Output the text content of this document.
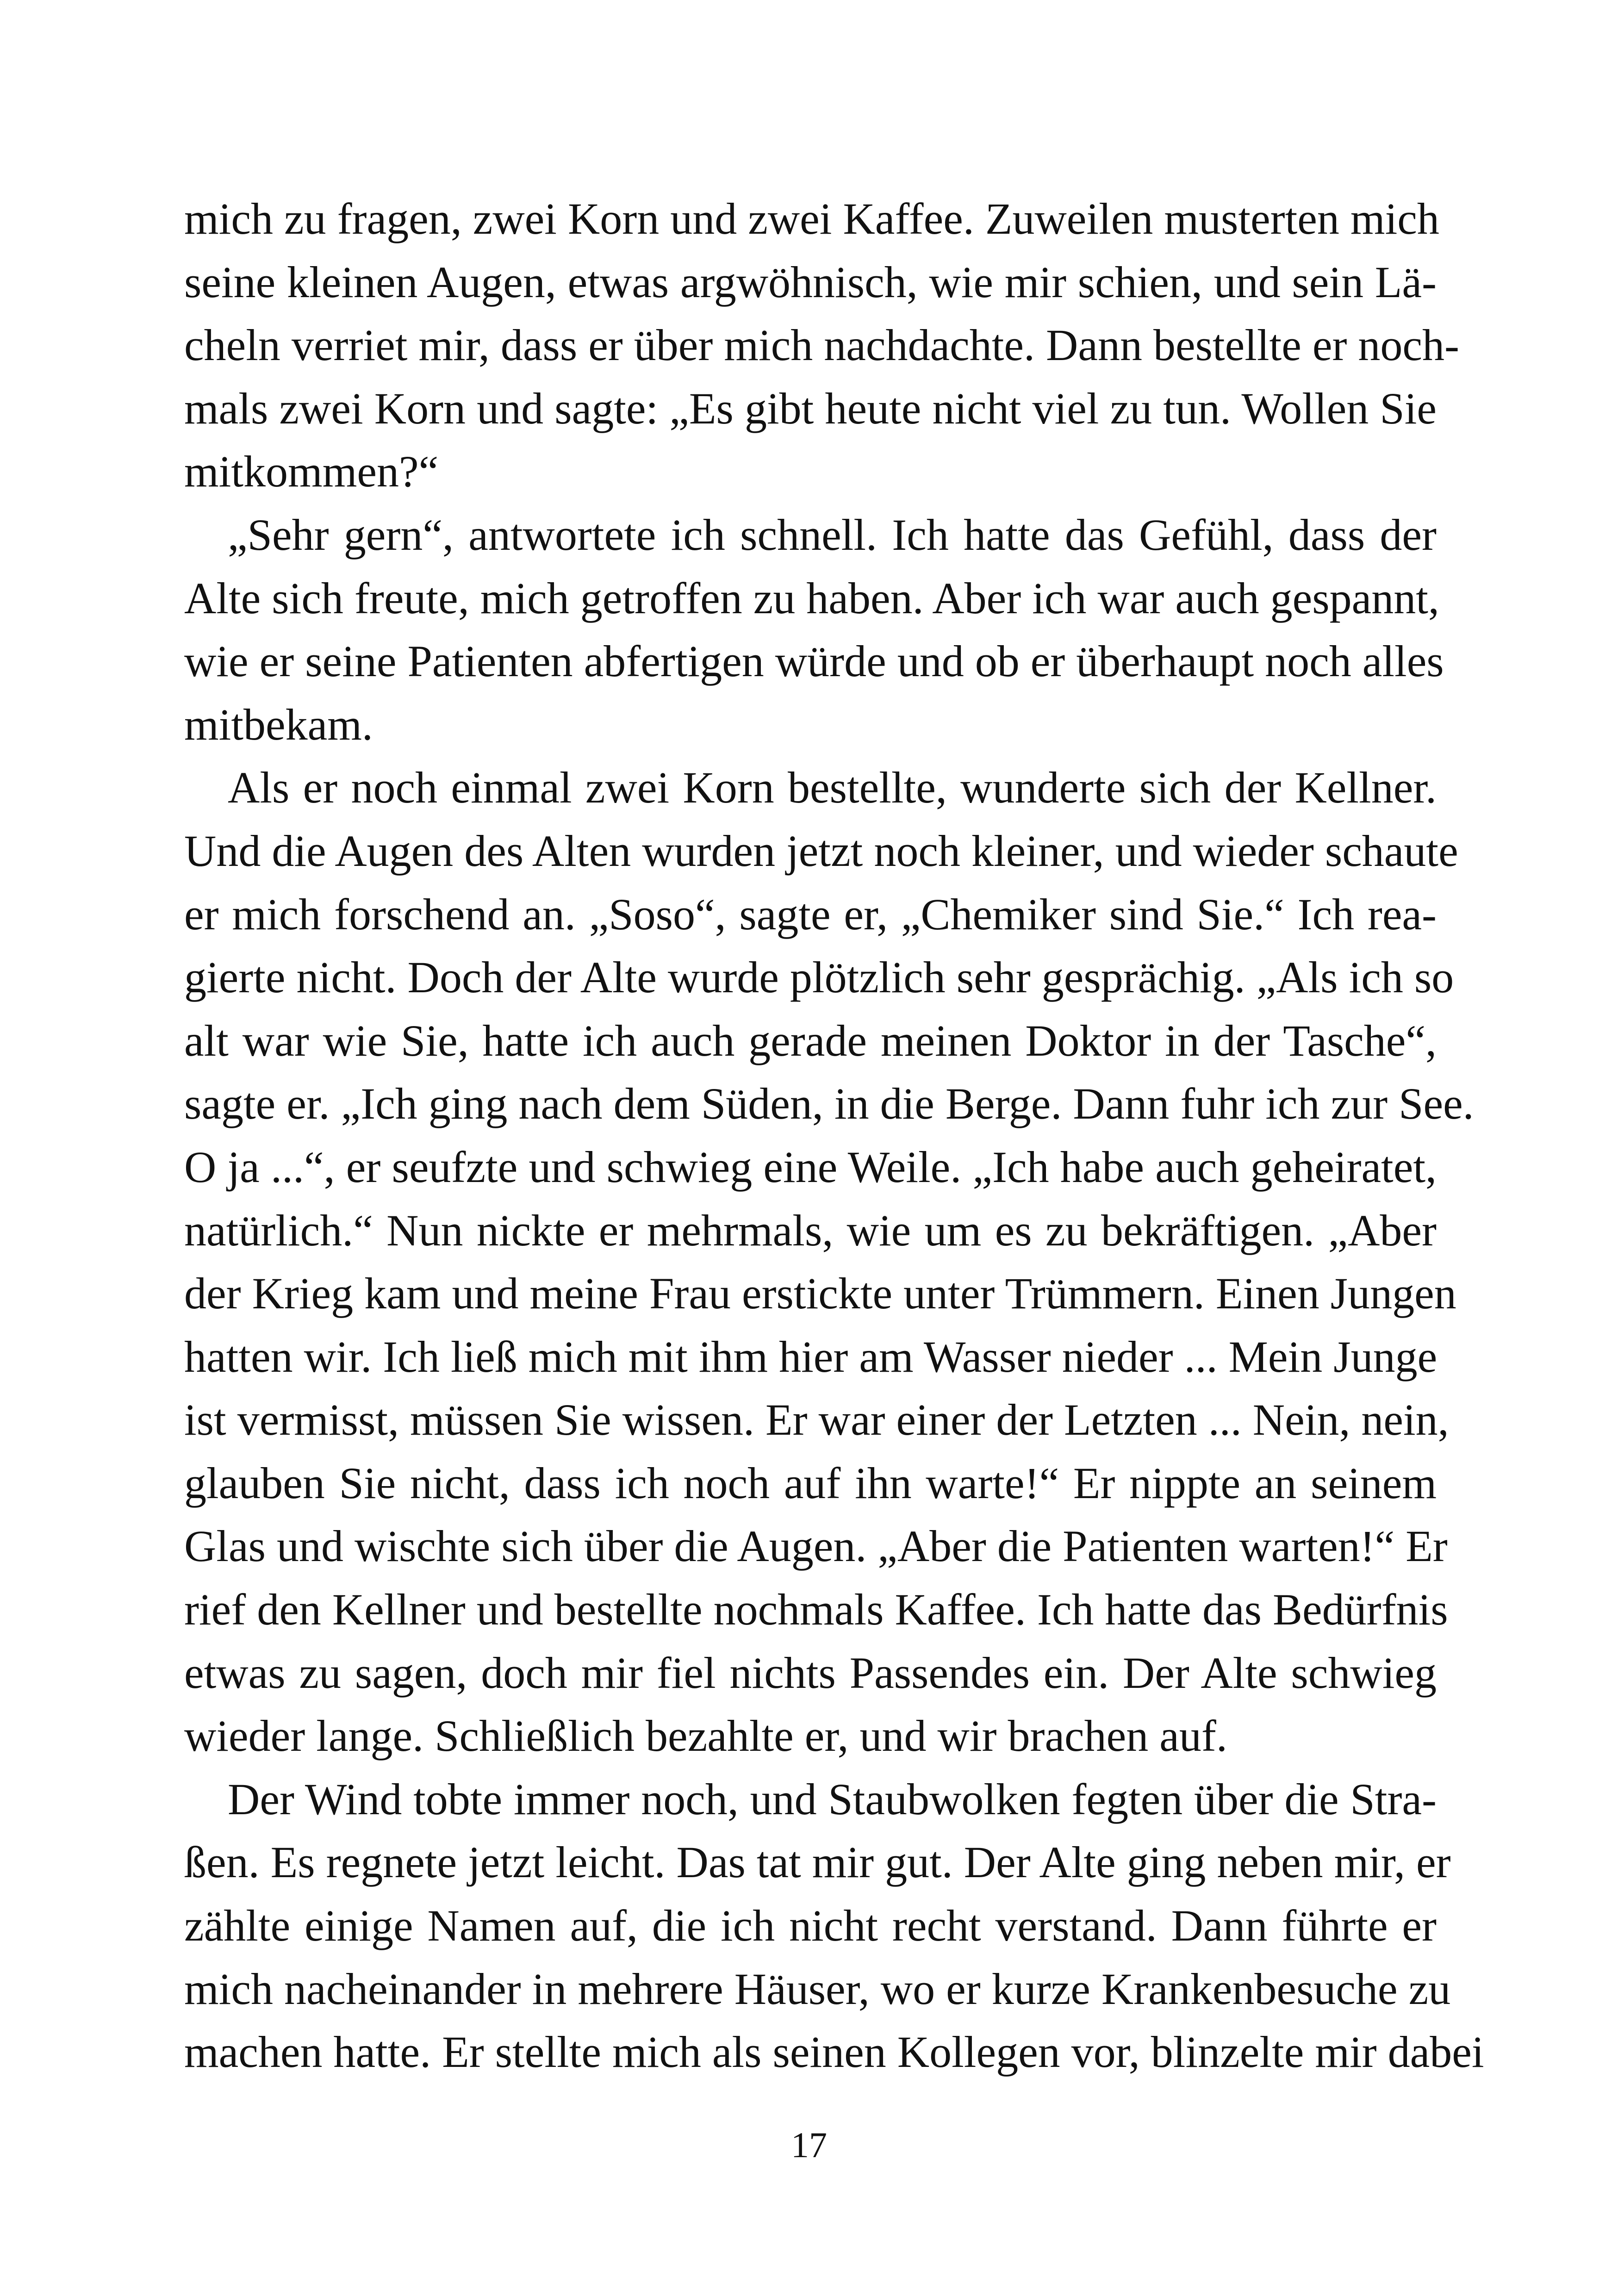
mich zu fragen, zwei Korn und zwei Kaffee. Zuweilen musterten mich
seine kleinen Augen, etwas argwöhnisch, wie mir schien, und sein Lä-
cheln verriet mir, dass er über mich nachdachte. Dann bestellte er noch-
mals zwei Korn und sagte: „Es gibt heute nicht viel zu tun. Wollen Sie
mitkommen?“
„Sehr gern“, antwortete ich schnell. Ich hatte das Gefühl, dass der
Alte sich freute, mich getroffen zu haben. Aber ich war auch gespannt,
wie er seine Patienten abfertigen würde und ob er überhaupt noch alles
mitbekam.
Als er noch einmal zwei Korn bestellte, wunderte sich der Kellner.
Und die Augen des Alten wurden jetzt noch kleiner, und wieder schaute
er mich forschend an. „Soso“, sagte er, „Chemiker sind Sie.“ Ich rea-
gierte nicht. Doch der Alte wurde plötzlich sehr gesprächig. „Als ich so
alt war wie Sie, hatte ich auch gerade meinen Doktor in der Tasche“,
sagte er. „Ich ging nach dem Süden, in die Berge. Dann fuhr ich zur See.
O ja ...“, er seufzte und schwieg eine Weile. „Ich habe auch geheiratet,
natürlich.“ Nun nickte er mehrmals, wie um es zu bekräftigen. „Aber
der Krieg kam und meine Frau erstickte unter Trümmern. Einen Jungen
hatten wir. Ich ließ mich mit ihm hier am Wasser nieder ... Mein Junge
ist vermisst, müssen Sie wissen. Er war einer der Letzten ... Nein, nein,
glauben Sie nicht, dass ich noch auf ihn warte!“ Er nippte an seinem
Glas und wischte sich über die Augen. „Aber die Patienten warten!“ Er
rief den Kellner und bestellte nochmals Kaffee. Ich hatte das Bedürfnis
etwas zu sagen, doch mir fiel nichts Passendes ein. Der Alte schwieg
wieder lange. Schließlich bezahlte er, und wir brachen auf.
Der Wind tobte immer noch, und Staubwolken fegten über die Stra-
ßen. Es regnete jetzt leicht. Das tat mir gut. Der Alte ging neben mir, er
zählte einige Namen auf, die ich nicht recht verstand. Dann führte er
mich nacheinander in mehrere Häuser, wo er kurze Krankenbesuche zu
machen hatte. Er stellte mich als seinen Kollegen vor, blinzelte mir dabei
17
